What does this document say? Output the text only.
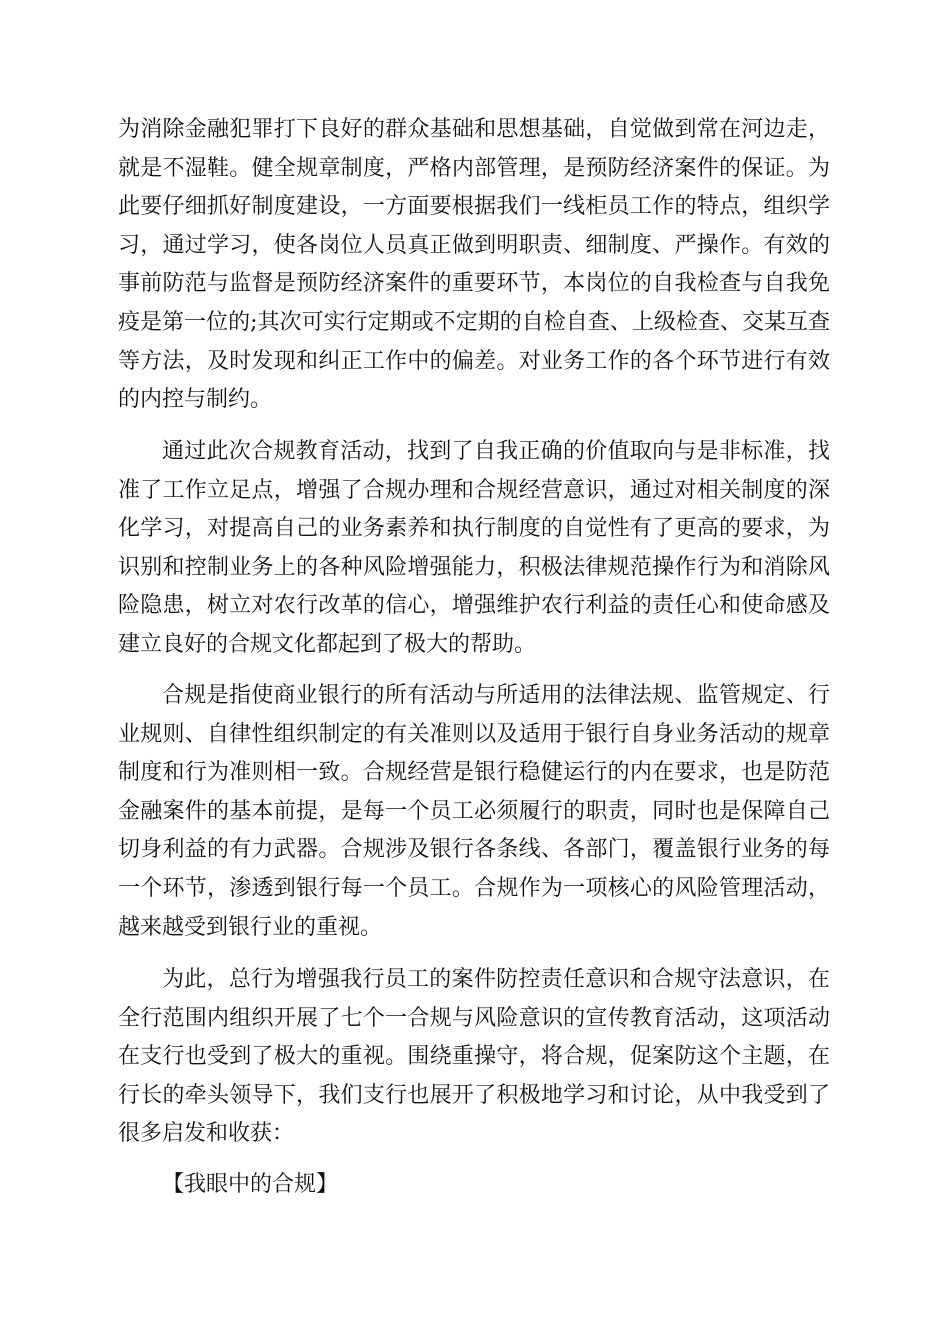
为消除金融犯罪打下良好的群众基础和思想基础，自觉做到常在河边走，就是不湿鞋。健全规章制度，严格内部管理，是预防经济案件的保证。为此要仔细抓好制度建设，一方面要根据我们一线柜员工作的特点，组织学习，通过学习，使各岗位人员真正做到明职责、细制度、严操作。有效的事前防范与监督是预防经济案件的重要环节，本岗位的自我检查与自我免疫是第一位的;其次可实行定期或不定期的自检自查、上级检查、交某互查等方法，及时发现和纠正工作中的偏差。对业务工作的各个环节进行有效的内控与制约。

通过此次合规教育活动，找到了自我正确的价值取向与是非标准，找准了工作立足点，增强了合规办理和合规经营意识，通过对相关制度的深化学习，对提高自己的业务素养和执行制度的自觉性有了更高的要求，为识别和控制业务上的各种风险增强能力，积极法律规范操作行为和消除风险隐患，树立对农行改革的信心，增强维护农行利益的责任心和使命感及建立良好的合规文化都起到了极大的帮助。

合规是指使商业银行的所有活动与所适用的法律法规、监管规定、行业规则、自律性组织制定的有关准则以及适用于银行自身业务活动的规章制度和行为准则相一致。合规经营是银行稳健运行的内在要求，也是防范金融案件的基本前提，是每一个员工必须履行的职责，同时也是保障自己切身利益的有力武器。合规涉及银行各条线、各部门，覆盖银行业务的每一个环节，渗透到银行每一个员工。合规作为一项核心的风险管理活动，越来越受到银行业的重视。

为此，总行为增强我行员工的案件防控责任意识和合规守法意识，在全行范围内组织开展了七个一合规与风险意识的宣传教育活动，这项活动在支行也受到了极大的重视。围绕重操守，将合规，促案防这个主题，在行长的牵头领导下，我们支行也展开了积极地学习和讨论，从中我受到了很多启发和收获：

【我眼中的合规】
